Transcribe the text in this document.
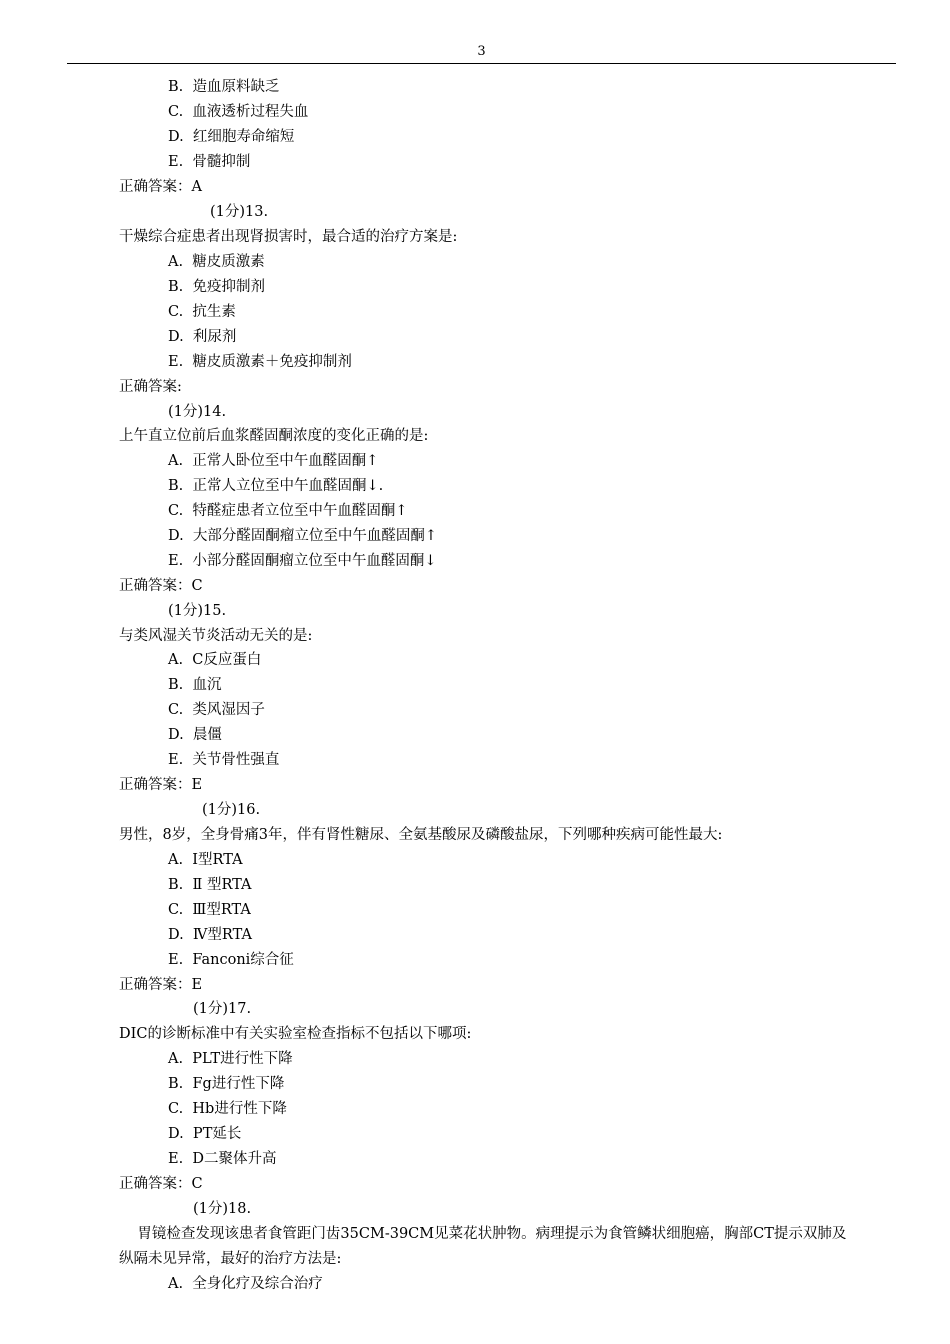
3
B.  造血原料缺乏
C.  血液透析过程失血
D.  红细胞寿命缩短
E.  骨髓抑制
正确答案：A
(1分)13.
干燥综合症患者出现肾损害时，最合适的治疗方案是:
A.  糖皮质激素
B.  免疫抑制剂
C.  抗生素
D.  利尿剂
E.  糖皮质激素＋免疫抑制剂
正确答案:
(1分)14.
上午直立位前后血浆醛固酮浓度的变化正确的是:
A.  正常人卧位至中午血醛固酮↑
B.  正常人立位至中午血醛固酮↓.
C.  特醛症患者立位至中午血醛固酮↑
D.  大部分醛固酮瘤立位至中午血醛固酮↑
E.  小部分醛固酮瘤立位至中午血醛固酮↓
正确答案：C
(1分)15.
与类风湿关节炎活动无关的是:
A.  C反应蛋白
B.  血沉
C.  类风湿因子
D.  晨僵
E.  关节骨性强直
正确答案：E
(1分)16.
男性，8岁，全身骨痛3年，伴有肾性糖尿、全氨基酸尿及磷酸盐尿，下列哪种疾病可能性最大:
A.  Ⅰ型RTA
B.  Ⅱ 型RTA
C.  Ⅲ型RTA
D.  Ⅳ型RTA
E.  Fanconi综合征
正确答案：E
(1分)17.
DIC的诊断标准中有关实验室检查指标不包括以下哪项:
A.  PLT进行性下降
B.  Fg进行性下降
C.  Hb进行性下降
D.  PT延长
E.  D二聚体升高
正确答案：C
(1分)18.
胃镜检查发现该患者食管距门齿35CM-39CM见菜花状肿物。病理提示为食管鳞状细胞癌，胸部CT提示双肺及
纵隔未见异常，最好的治疗方法是:
A.  全身化疗及综合治疗
